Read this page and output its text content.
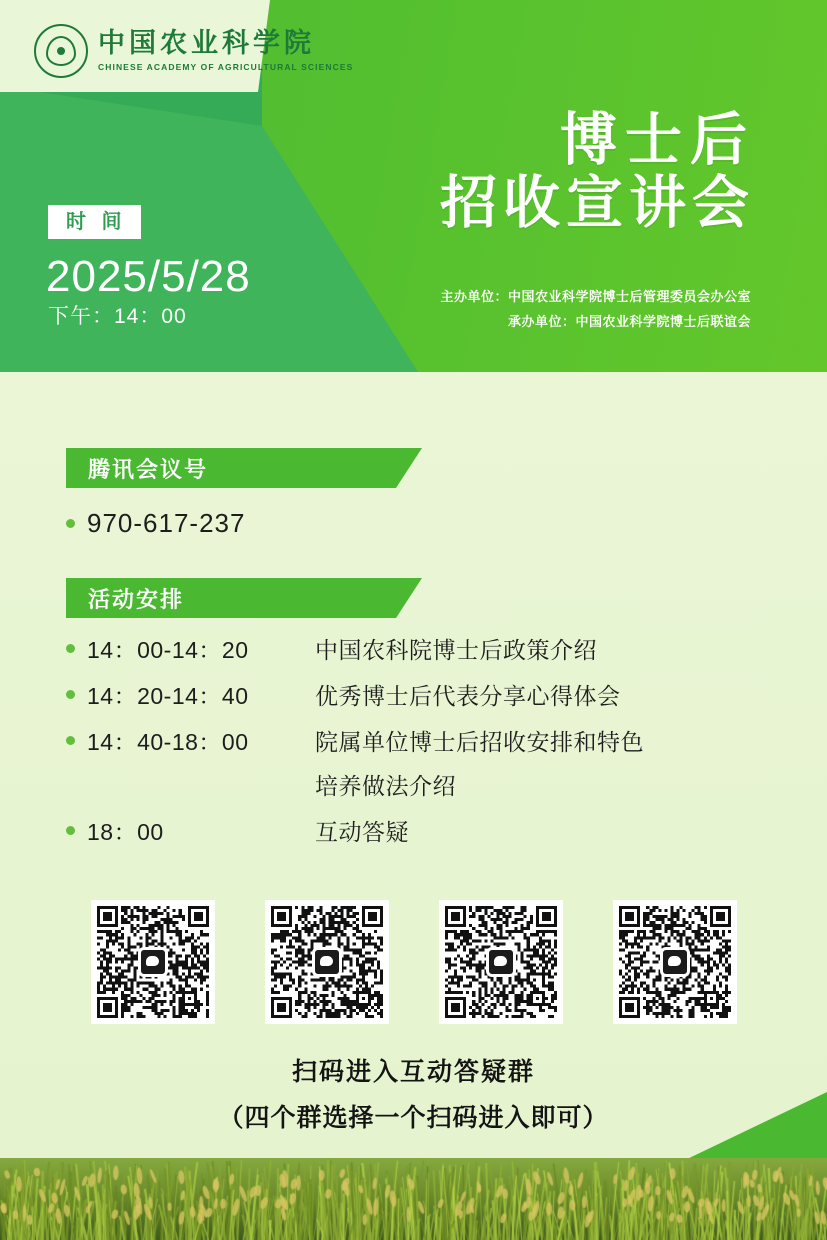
中国农业科学院
CHINESE ACADEMY OF AGRICULTURAL SCIENCES
时 间
2025/5/28
下午：14：00
博士后
招收宣讲会
主办单位：中国农业科学院博士后管理委员会办公室
承办单位：中国农业科学院博士后联谊会
腾讯会议号
970-617-237
活动安排
14：00-14：20	中国农科院博士后政策介绍
14：20-14：40	优秀博士后代表分享心得体会
14：40-18：00	院属单位博士后招收安排和特色
培养做法介绍
18：00	互动答疑
扫码进入互动答疑群
（四个群选择一个扫码进入即可）
